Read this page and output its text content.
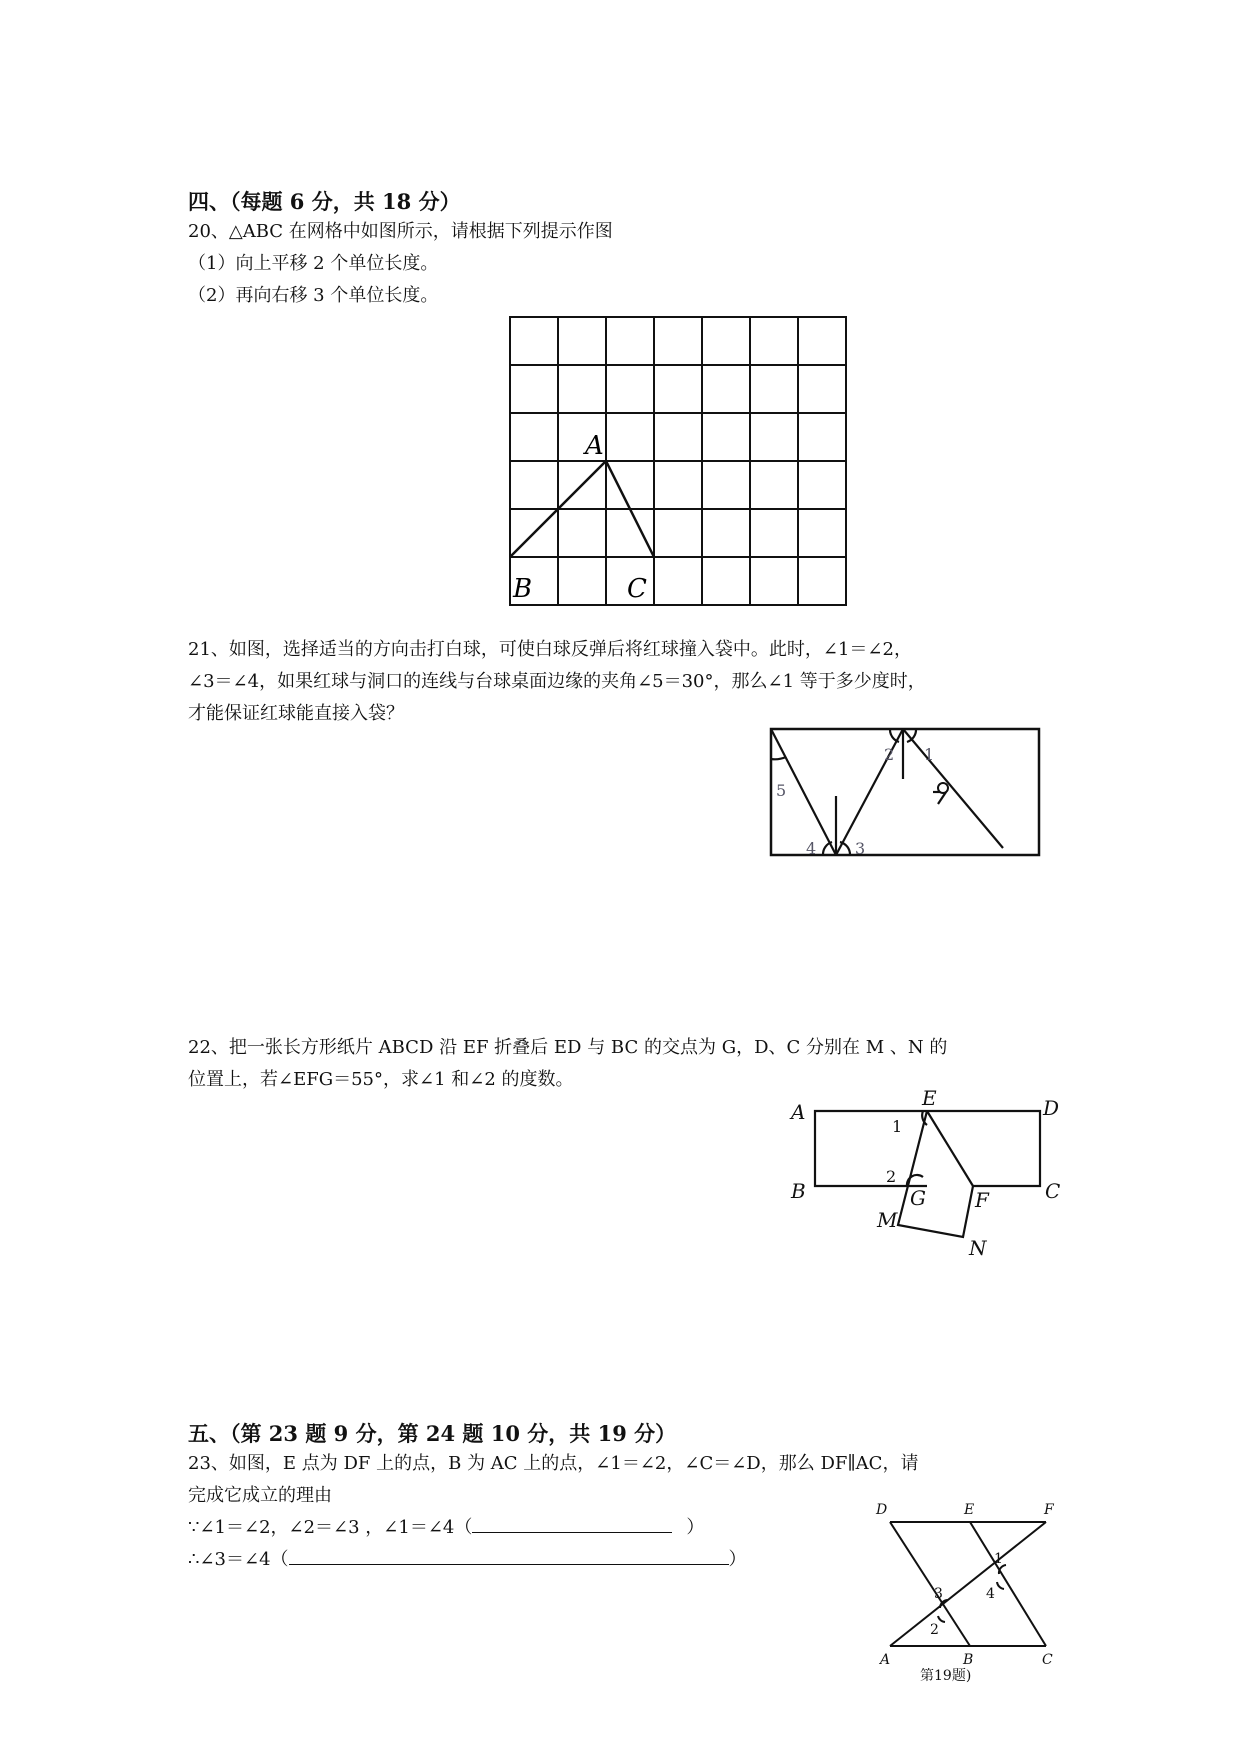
四、（每题 6 分，共 18 分）
20、△ABC 在网格中如图所示，请根据下列提示作图
（1）向上平移 2 个单位长度。
（2）再向右移 3 个单位长度。
A
B	C
21、如图，选择适当的方向击打白球，可使白球反弹后将红球撞入袋中。此时，∠1＝∠2，
∠3＝∠4，如果红球与洞口的连线与台球桌面边缘的夹角∠5＝30°，那么∠1 等于多少度时，
才能保证红球能直接入袋？
5
4 3
2 1
22、把一张长方形纸片 ABCD 沿 EF 折叠后 ED 与 BC 的交点为 G，D、C 分别在 M 、N 的
位置上，若∠EFG＝55°，求∠1 和∠2 的度数。
A
B	C
D
E
F
G
M
N
1
2
五、（第 23 题 9 分，第 24 题 10 分，共 19 分）
23、如图，E 点为 DF 上的点，B 为 AC 上的点，∠1＝∠2，∠C＝∠D，那么 DF∥AC，请
完成它成立的理由
∵∠1＝∠2，∠2＝∠3 ，∠1＝∠4（	）
∴∠3＝∠4（	）
D	E	F
A	B	C
1
4
3
2
第19题)
